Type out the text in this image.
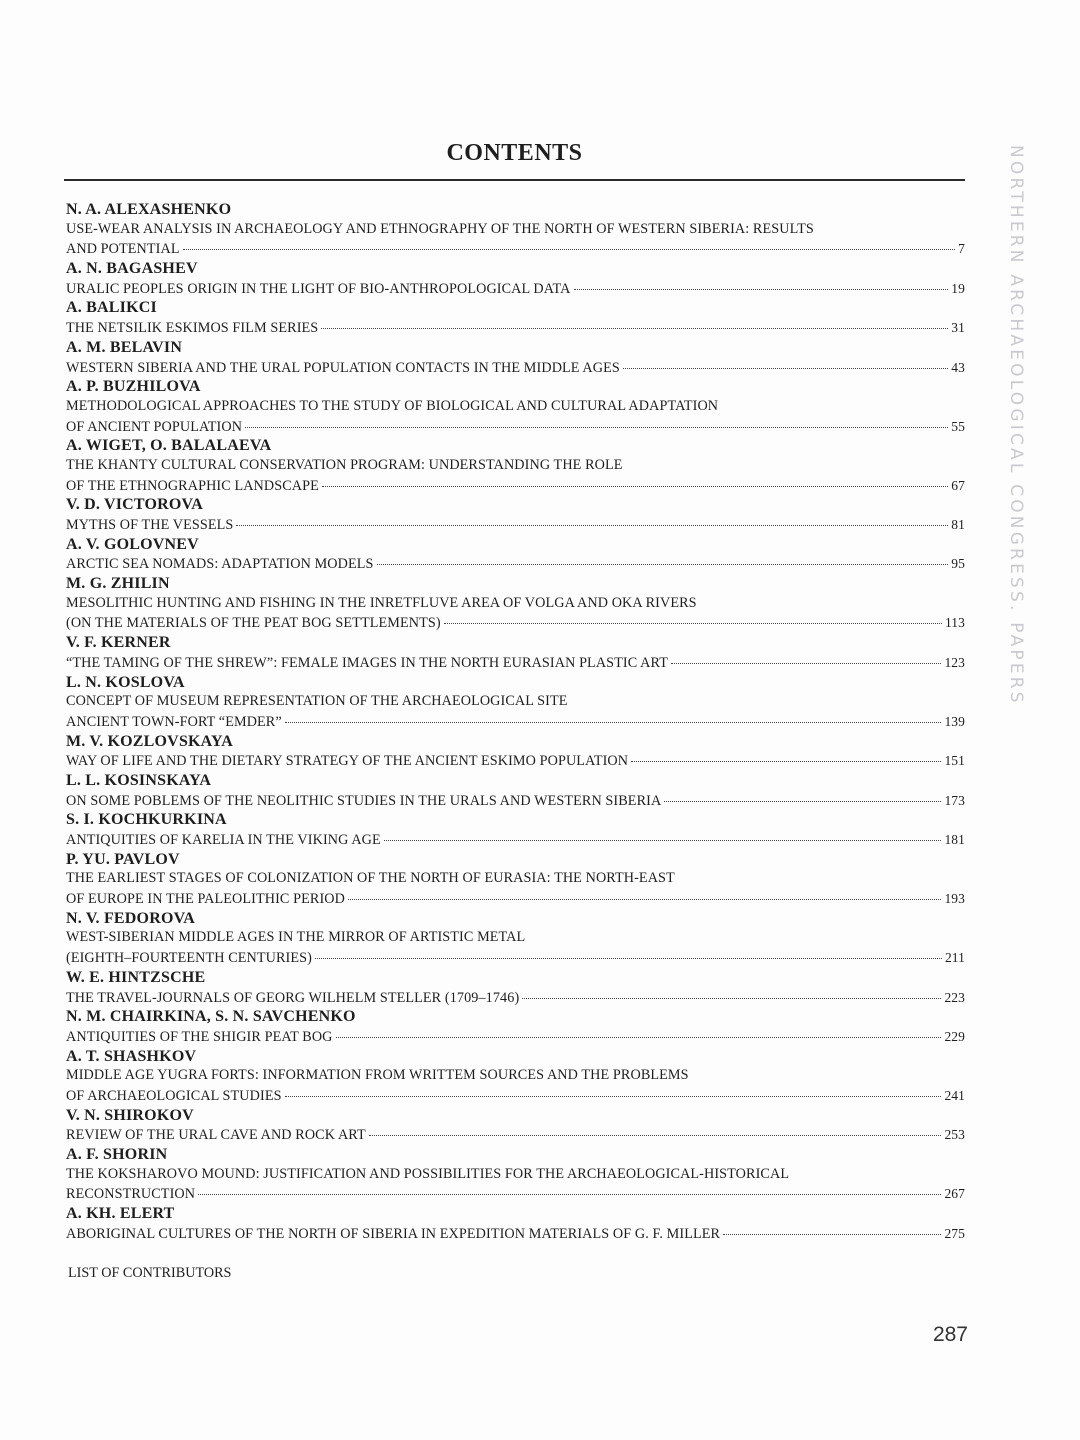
CONTENTS
N. A. ALEXASHENKO
USE-WEAR ANALYSIS IN ARCHAEOLOGY AND ETHNOGRAPHY OF THE NORTH OF WESTERN SIBERIA: RESULTS
AND POTENTIAL	7
A. N. BAGASHEV
URALIC PEOPLES ORIGIN IN THE LIGHT OF BIO-ANTHROPOLOGICAL DATA	19
A. BALIKCI
THE NETSILIK ESKIMOS FILM SERIES	31
A. M. BELAVIN
WESTERN SIBERIA AND THE URAL POPULATION CONTACTS IN THE MIDDLE AGES	43
A. P. BUZHILOVA
METHODOLOGICAL APPROACHES TO THE STUDY OF BIOLOGICAL AND CULTURAL ADAPTATION
OF ANCIENT POPULATION	55
A. WIGET, O. BALALAEVA
THE KHANTY CULTURAL CONSERVATION PROGRAM: UNDERSTANDING THE ROLE
OF THE ETHNOGRAPHIC LANDSCAPE	67
V. D. VICTOROVA
MYTHS OF THE VESSELS	81
A. V. GOLOVNEV
ARCTIC SEA NOMADS: ADAPTATION MODELS	95
M. G. ZHILIN
MESOLITHIC HUNTING AND FISHING IN THE INRETFLUVE AREA OF VOLGA AND OKA RIVERS
(ON THE MATERIALS OF THE PEAT BOG SETTLEMENTS)	113
V. F. KERNER
“THE TAMING OF THE SHREW”: FEMALE IMAGES IN THE NORTH EURASIAN PLASTIC ART	123
L. N. KOSLOVA
CONCEPT OF MUSEUM REPRESENTATION OF THE ARCHAEOLOGICAL SITE
ANCIENT TOWN-FORT “EMDER”	139
M. V. KOZLOVSKAYA
WAY OF LIFE AND THE DIETARY STRATEGY OF THE ANCIENT ESKIMO POPULATION	151
L. L. KOSINSKAYA
ON SOME POBLEMS OF THE NEOLITHIC STUDIES IN THE URALS AND WESTERN SIBERIA	173
S. I. KOCHKURKINA
ANTIQUITIES OF KARELIA IN THE VIKING AGE	181
P. YU. PAVLOV
THE EARLIEST STAGES OF COLONIZATION OF THE NORTH OF EURASIA: THE NORTH-EAST
OF EUROPE IN THE PALEOLITHIC PERIOD	193
N. V. FEDOROVA
WEST-SIBERIAN MIDDLE AGES IN THE MIRROR OF ARTISTIC METAL
(EIGHTH–FOURTEENTH CENTURIES)	211
W. E. HINTZSCHE
THE TRAVEL-JOURNALS OF GEORG WILHELM STELLER (1709–1746)	223
N. M. CHAIRKINA, S. N. SAVCHENKO
ANTIQUITIES OF THE SHIGIR PEAT BOG	229
A. T. SHASHKOV
MIDDLE AGE YUGRA FORTS: INFORMATION FROM WRITTEM SOURCES AND THE PROBLEMS
OF ARCHAEOLOGICAL STUDIES	241
V. N. SHIROKOV
REVIEW OF THE URAL CAVE AND ROCK ART	253
A. F. SHORIN
THE KOKSHAROVO MOUND: JUSTIFICATION AND POSSIBILITIES FOR THE ARCHAEOLOGICAL-HISTORICAL
RECONSTRUCTION	267
A. KH. ELERT
ABORIGINAL CULTURES OF THE NORTH OF SIBERIA IN EXPEDITION MATERIALS OF G. F. MILLER	275

LIST OF CONTRIBUTORS

287

NORTHERN ARCHAEOLOGICAL CONGRESS. PAPERS
